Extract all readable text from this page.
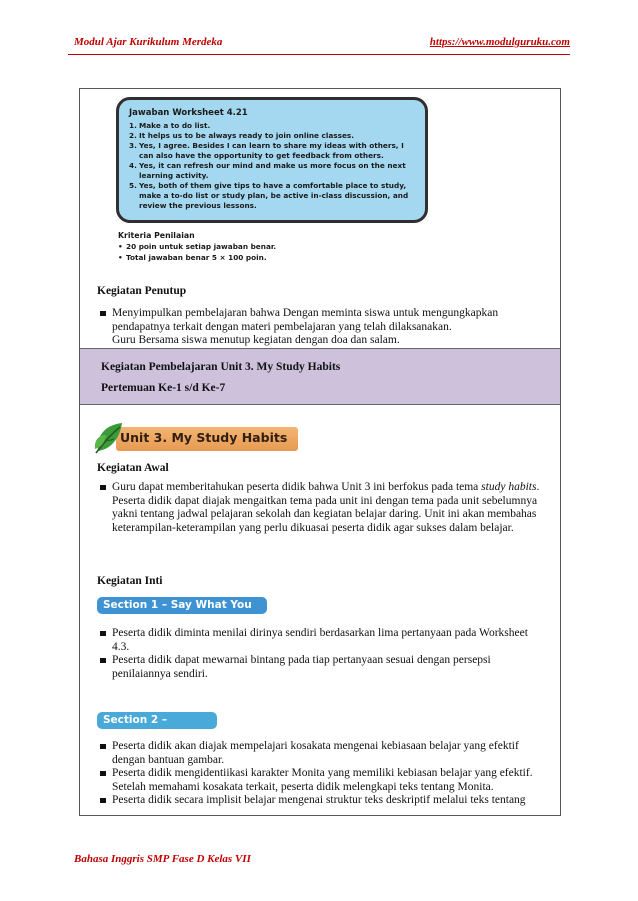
Modul Ajar Kurikulum Merdeka	https://www.modulguruku.com
Jawaban Worksheet 4.21
1. Make a to do list.
2. It helps us to be always ready to join online classes.
3. Yes, I agree. Besides I can learn to share my ideas with others, I can also have the opportunity to get feedback from others.
4. Yes, it can refresh our mind and make us more focus on the next learning activity.
5. Yes, both of them give tips to have a comfortable place to study, make a to-do list or study plan, be active in-class discussion, and review the previous lessons.
Kriteria Penilaian
• 20 poin untuk setiap jawaban benar.
• Total jawaban benar 5 × 100 poin.
Kegiatan Penutup
Menyimpulkan pembelajaran bahwa Dengan meminta siswa untuk mengungkapkan pendapatnya terkait dengan materi pembelajaran yang telah dilaksanakan.
Guru Bersama siswa menutup kegiatan dengan doa dan salam.
Kegiatan Pembelajaran Unit 3. My Study Habits
Pertemuan Ke-1 s/d Ke-7
Unit 3. My Study Habits
Kegiatan Awal
Guru dapat memberitahukan peserta didik bahwa Unit 3 ini berfokus pada tema study habits. Peserta didik dapat diajak mengaitkan tema pada unit ini dengan tema pada unit sebelumnya yakni tentang jadwal pelajaran sekolah dan kegiatan belajar daring. Unit ini akan membahas keterampilan-keterampilan yang perlu dikuasai peserta didik agar sukses dalam belajar.
Kegiatan Inti
Section 1 – Say What You Know
Peserta didik diminta menilai dirinya sendiri berdasarkan lima pertanyaan pada Worksheet 4.3.
Peserta didik dapat mewarnai bintang pada tiap pertanyaan sesuai dengan persepsi penilaiannya sendiri.
Section 2 – Reading
Peserta didik akan diajak mempelajari kosakata mengenai kebiasaan belajar yang efektif dengan bantuan gambar.
Peserta didik mengidentiikasi karakter Monita yang memiliki kebiasan belajar yang efektif. Setelah memahami kosakata terkait, peserta didik melengkapi teks tentang Monita.
Peserta didik secara implisit belajar mengenai struktur teks deskriptif melalui teks tentang
Bahasa Inggris SMP Fase D Kelas VII
